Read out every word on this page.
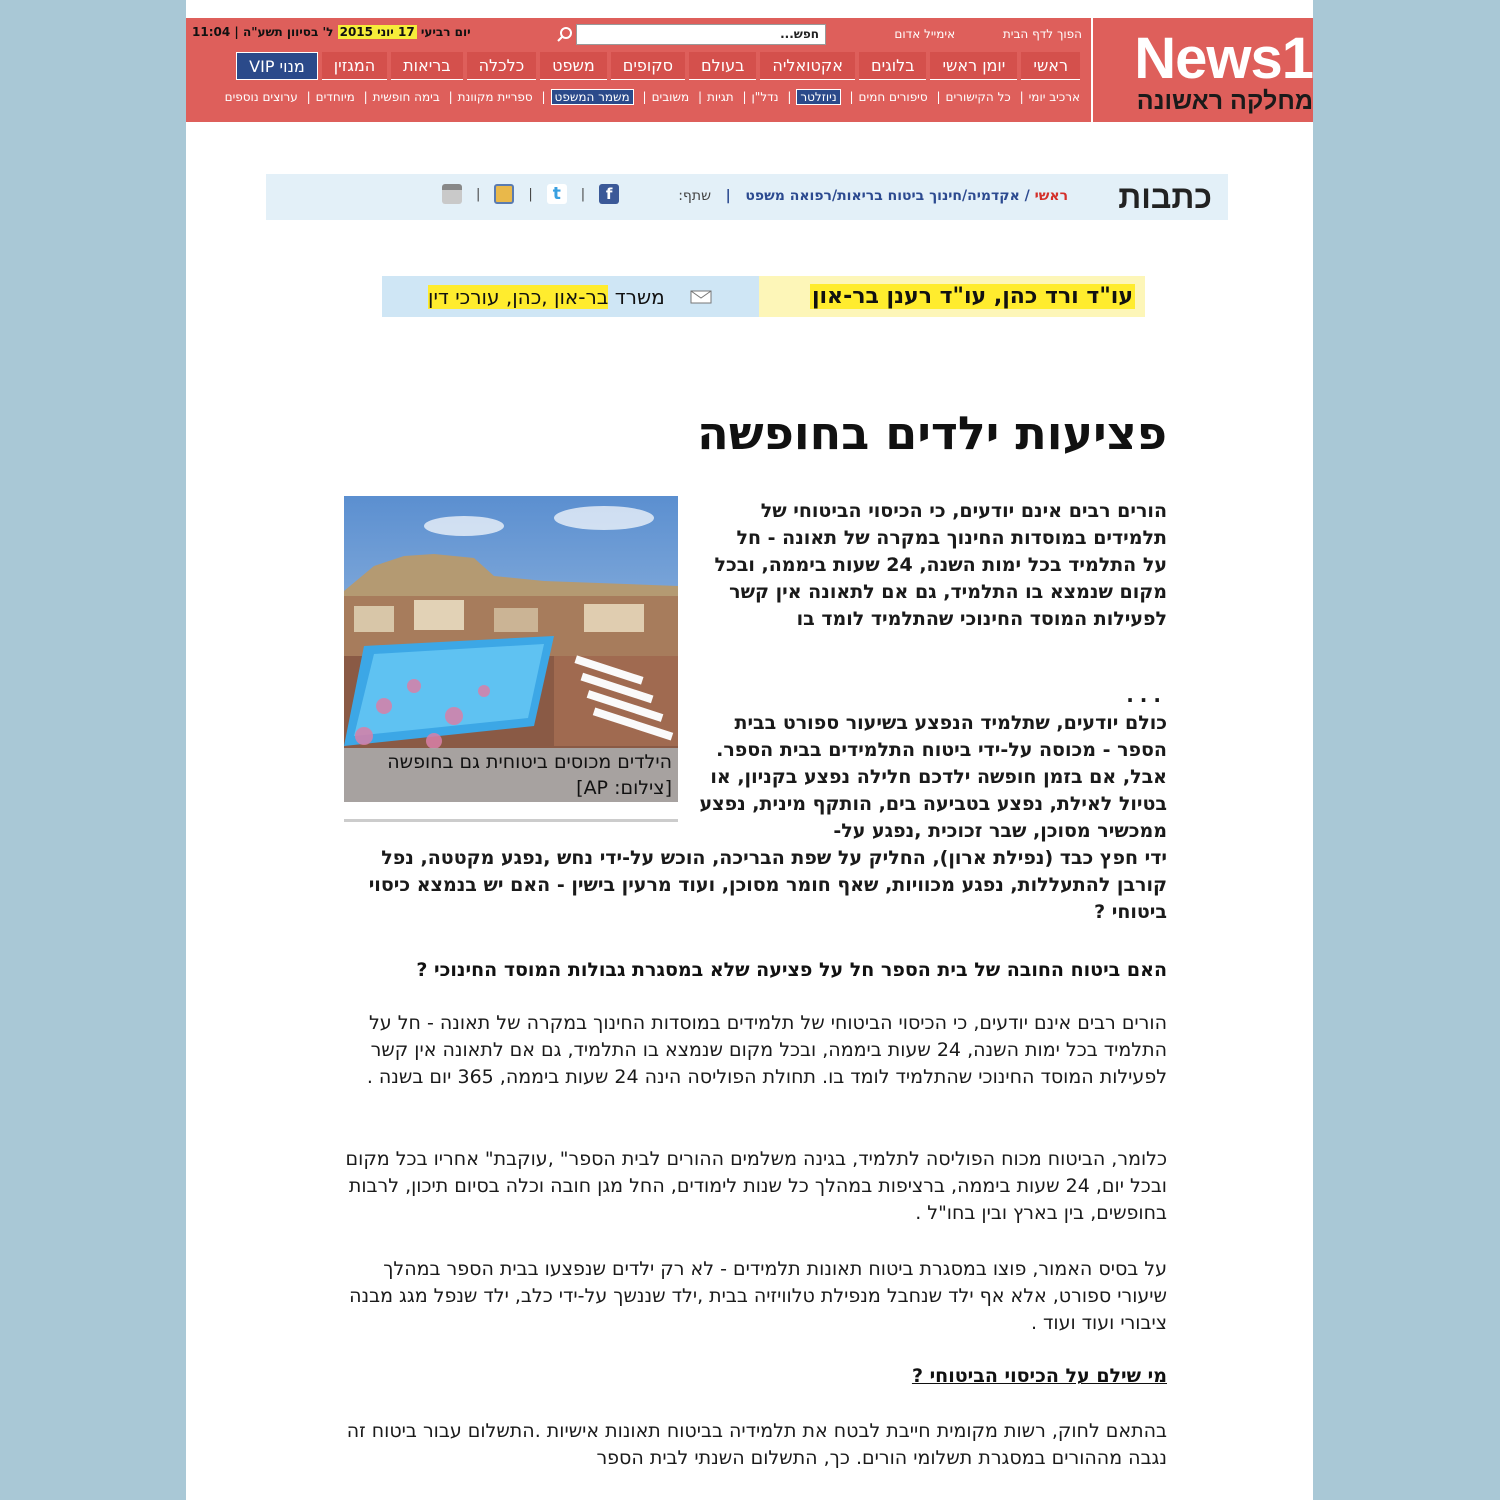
News1
מחלקה ראשונה
יום רביעי 17 יוני 2015 ל' בסיוון תשע"ה | 11:04	חפש...	הפוך לדף הבית אימייל אדום
ראשי
יומן ראשי
בלוגים
אקטואליה
בעולם
סקופים
משפט
כלכלה
בריאות
המגזין
מנוי VIP
ארכיב יומי| כל הקישורים| סיפורים חמים| ניוזלטר| נדל"ן| תגיות| משובים| משמר המשפט| ספריית מקוונת| בימה חופשית| מיוחדים| ערוצים נוספים
כתבות
ראשי / אקדמיה/חינוך ביטוח בריאות/רפואה משפט   |   שתף:
f
|
t
|
|
עו"ד ורד כהן, עו"ד רענן בר-און
משרד בר-און ,כהן, עורכי דין
פציעות ילדים בחופשה
הילדים מכוסים ביטוחית גם בחופשה [צילום: AP]

הורים רבים אינם יודעים, כי הכיסוי הביטוחי של תלמידים במוסדות החינוך במקרה של תאונה - חל על התלמיד בכל ימות השנה, 24 שעות ביממה, ובכל מקום שנמצא בו התלמיד, גם אם לתאונה אין קשר לפעילות המוסד החינוכי שהתלמיד לומד בו

...

כולם יודעים, שתלמיד הנפצע בשיעור ספורט בבית הספר - מכוסה על-ידי ביטוח התלמידים בבית הספר. אבל, אם בזמן חופשה ילדכם חלילה נפצע בקניון, או בטיול לאילת, נפצע בטביעה בים, הותקף מינית, נפצע ממכשיר מסוכן, שבר זכוכית ,נפגע על-

ידי חפץ כבד (נפילת ארון), החליק על שפת הבריכה, הוכש על-ידי נחש ,נפגע מקטטה, נפל קורבן להתעללות, נפגע מכוויות, שאף חומר מסוכן, ועוד מרעין בישין - האם יש בנמצא כיסוי ביטוחי ?

האם ביטוח החובה של בית הספר חל על פציעה שלא במסגרת גבולות המוסד החינוכי ?

הורים רבים אינם יודעים, כי הכיסוי הביטוחי של תלמידים במוסדות החינוך במקרה של תאונה - חל על התלמיד בכל ימות השנה, 24 שעות ביממה, ובכל מקום שנמצא בו התלמיד, גם אם לתאונה אין קשר לפעילות המוסד החינוכי שהתלמיד לומד בו. תחולת הפוליסה הינה 24 שעות ביממה, 365 יום בשנה .

כלומר, הביטוח מכוח הפוליסה לתלמיד, בגינה משלמים ההורים לבית הספר" ,עוקבת" אחריו בכל מקום ובכל יום, 24 שעות ביממה, ברציפות במהלך כל שנות לימודים, החל מגן חובה וכלה בסיום תיכון, לרבות בחופשים, בין בארץ ובין בחו"ל .

על בסיס האמור, פוצו במסגרת ביטוח תאונות תלמידים - לא רק ילדים שנפצעו בבית הספר במהלך שיעורי ספורט, אלא אף ילד שנחבל מנפילת טלוויזיה בבית ,ילד שננשך על-ידי כלב, ילד שנפל מגג מבנה ציבורי ועוד ועוד .

מי שילם על הכיסוי הביטוחי ?

בהתאם לחוק, רשות מקומית חייבת לבטח את תלמידיה בביטוח תאונות אישיות .התשלום עבור ביטוח זה נגבה מההורים במסגרת תשלומי הורים. כך, התשלום השנתי לבית הספר
